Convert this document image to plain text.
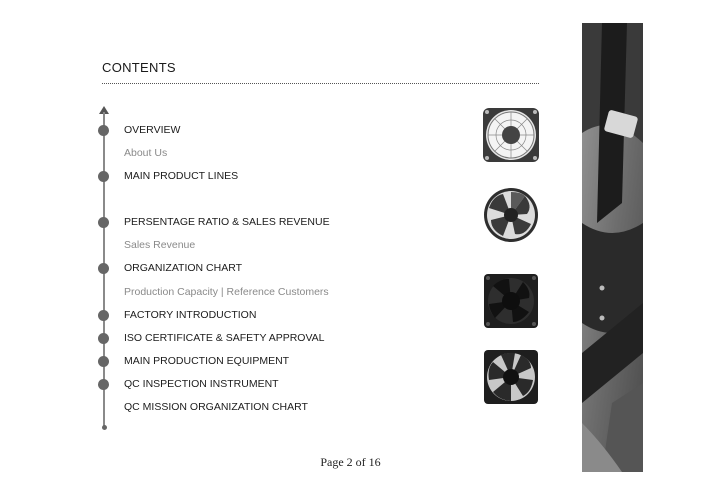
CONTENTS
OVERVIEW
About Us
MAIN PRODUCT LINES
PERSENTAGE RATIO & SALES REVENUE
Sales Revenue
ORGANIZATION CHART
Production Capacity | Reference Customers
FACTORY INTRODUCTION
ISO CERTIFICATE & SAFETY APPROVAL
MAIN PRODUCTION EQUIPMENT
QC INSPECTION INSTRUMENT
QC MISSION ORGANIZATION CHART
Page 2 of 16
